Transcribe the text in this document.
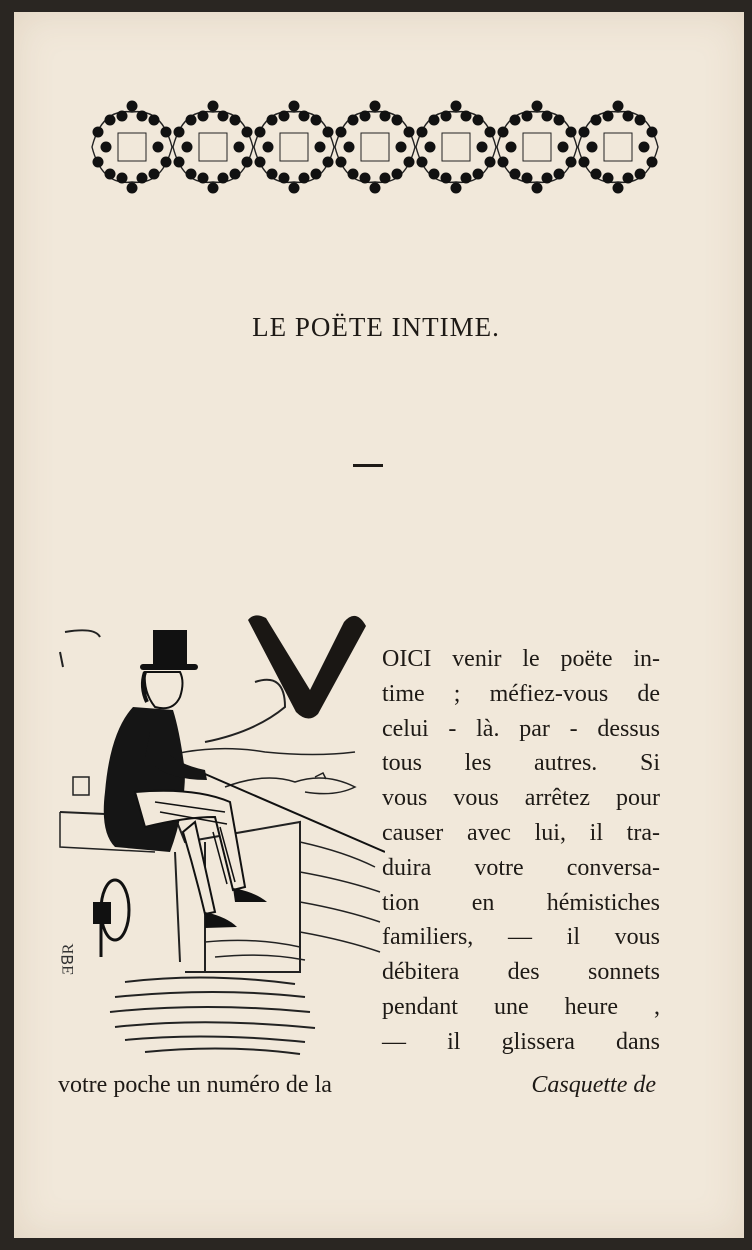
LE POËTE INTIME.
ƎꓭR
V
OICI venir le poëte in-
time ; méfiez-vous de
celui - là. par - dessus
tous les autres. Si
vous vous arrêtez pour
causer avec lui, il tra-
duira votre conversa-
tion en hémistiches
familiers, — il vous
débitera des sonnets
pendant une heure ,
— il glissera dans
votre poche un numéro de la	Casquette de
